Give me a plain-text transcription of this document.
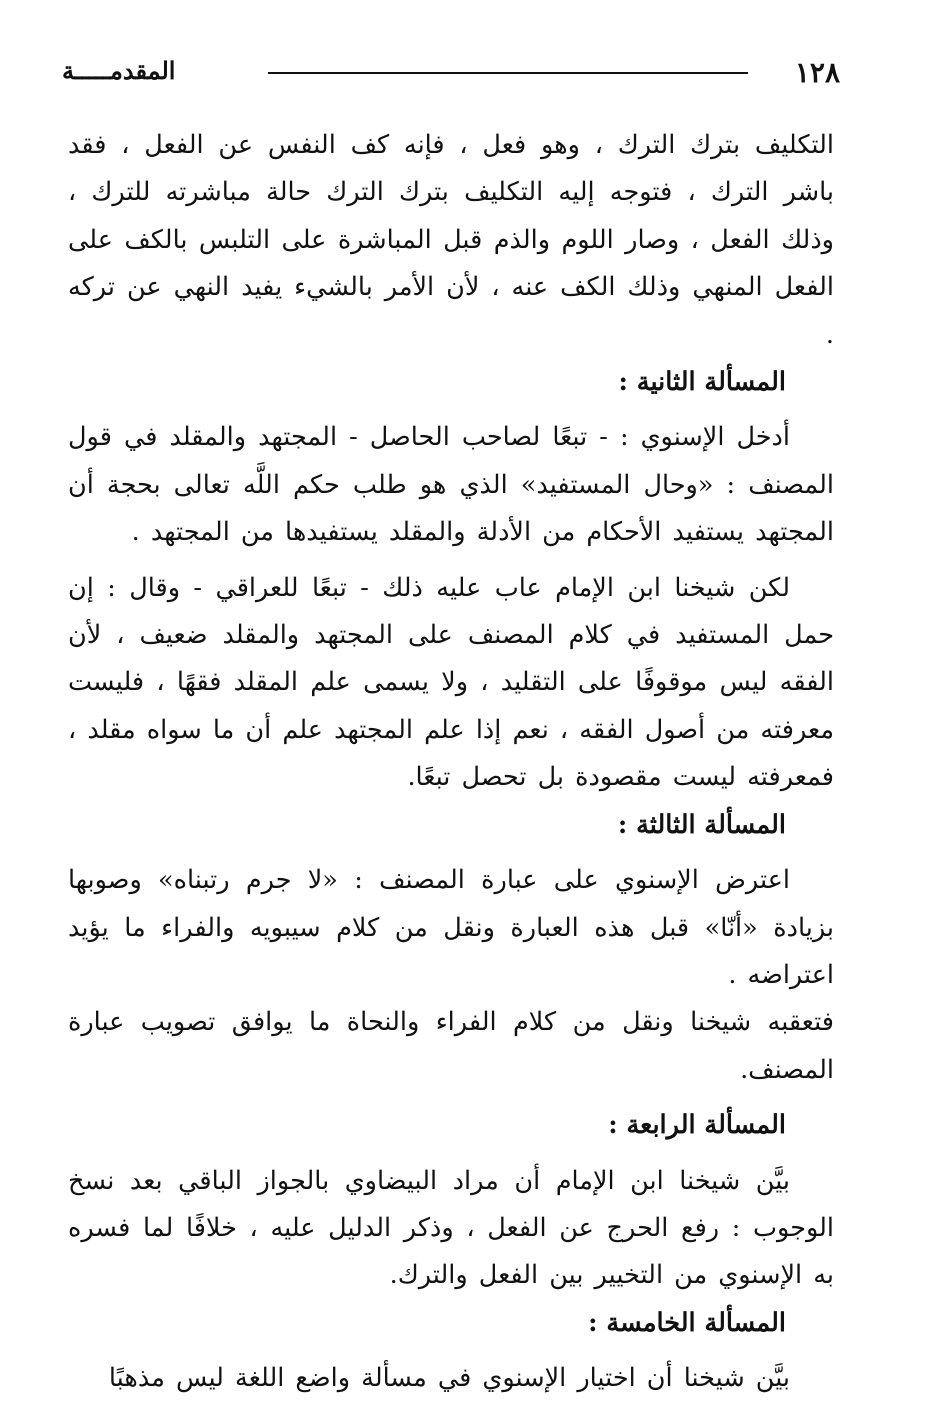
١٢٨
المقدمـــــة

التكليف بترك الترك ، وهو فعل ، فإنه كف النفس عن الفعل ، فقد باشر الترك ، فتوجه إليه التكليف بترك الترك حالة مباشرته للترك ، وذلك الفعل ، وصار اللوم والذم قبل المباشرة على التلبس بالكف على الفعل المنهي وذلك الكف عنه ، لأن الأمر بالشيء يفيد النهي عن تركه .

المسألة الثانية :

أدخل الإسنوي : - تبعًا لصاحب الحاصل - المجتهد والمقلد في قول المصنف : «وحال المستفيد» الذي هو طلب حكم اللَّه تعالى بحجة أن المجتهد يستفيد الأحكام من الأدلة والمقلد يستفيدها من المجتهد .

لكن شيخنا ابن الإمام عاب عليه ذلك - تبعًا للعراقي - وقال : إن حمل المستفيد في كلام المصنف على المجتهد والمقلد ضعيف ، لأن الفقه ليس موقوفًا على التقليد ، ولا يسمى علم المقلد فقهًا ، فليست معرفته من أصول الفقه ، نعم إذا علم المجتهد علم أن ما سواه مقلد ، فمعرفته ليست مقصودة بل تحصل تبعًا.

المسألة الثالثة :

اعترض الإسنوي على عبارة المصنف : «لا جرم رتبناه» وصوبها بزيادة «أنّا» قبل هذه العبارة ونقل من كلام سيبويه والفراء ما يؤيد اعتراضه .

فتعقبه شيخنا ونقل من كلام الفراء والنحاة ما يوافق تصويب عبارة المصنف.

المسألة الرابعة :

بيَّن شيخنا ابن الإمام أن مراد البيضاوي بالجواز الباقي بعد نسخ الوجوب : رفع الحرج عن الفعل ، وذكر الدليل عليه ، خلافًا لما فسره به الإسنوي من التخيير بين الفعل والترك.

المسألة الخامسة :

بيَّن شيخنا أن اختيار الإسنوي في مسألة واضع اللغة ليس مذهبًا
